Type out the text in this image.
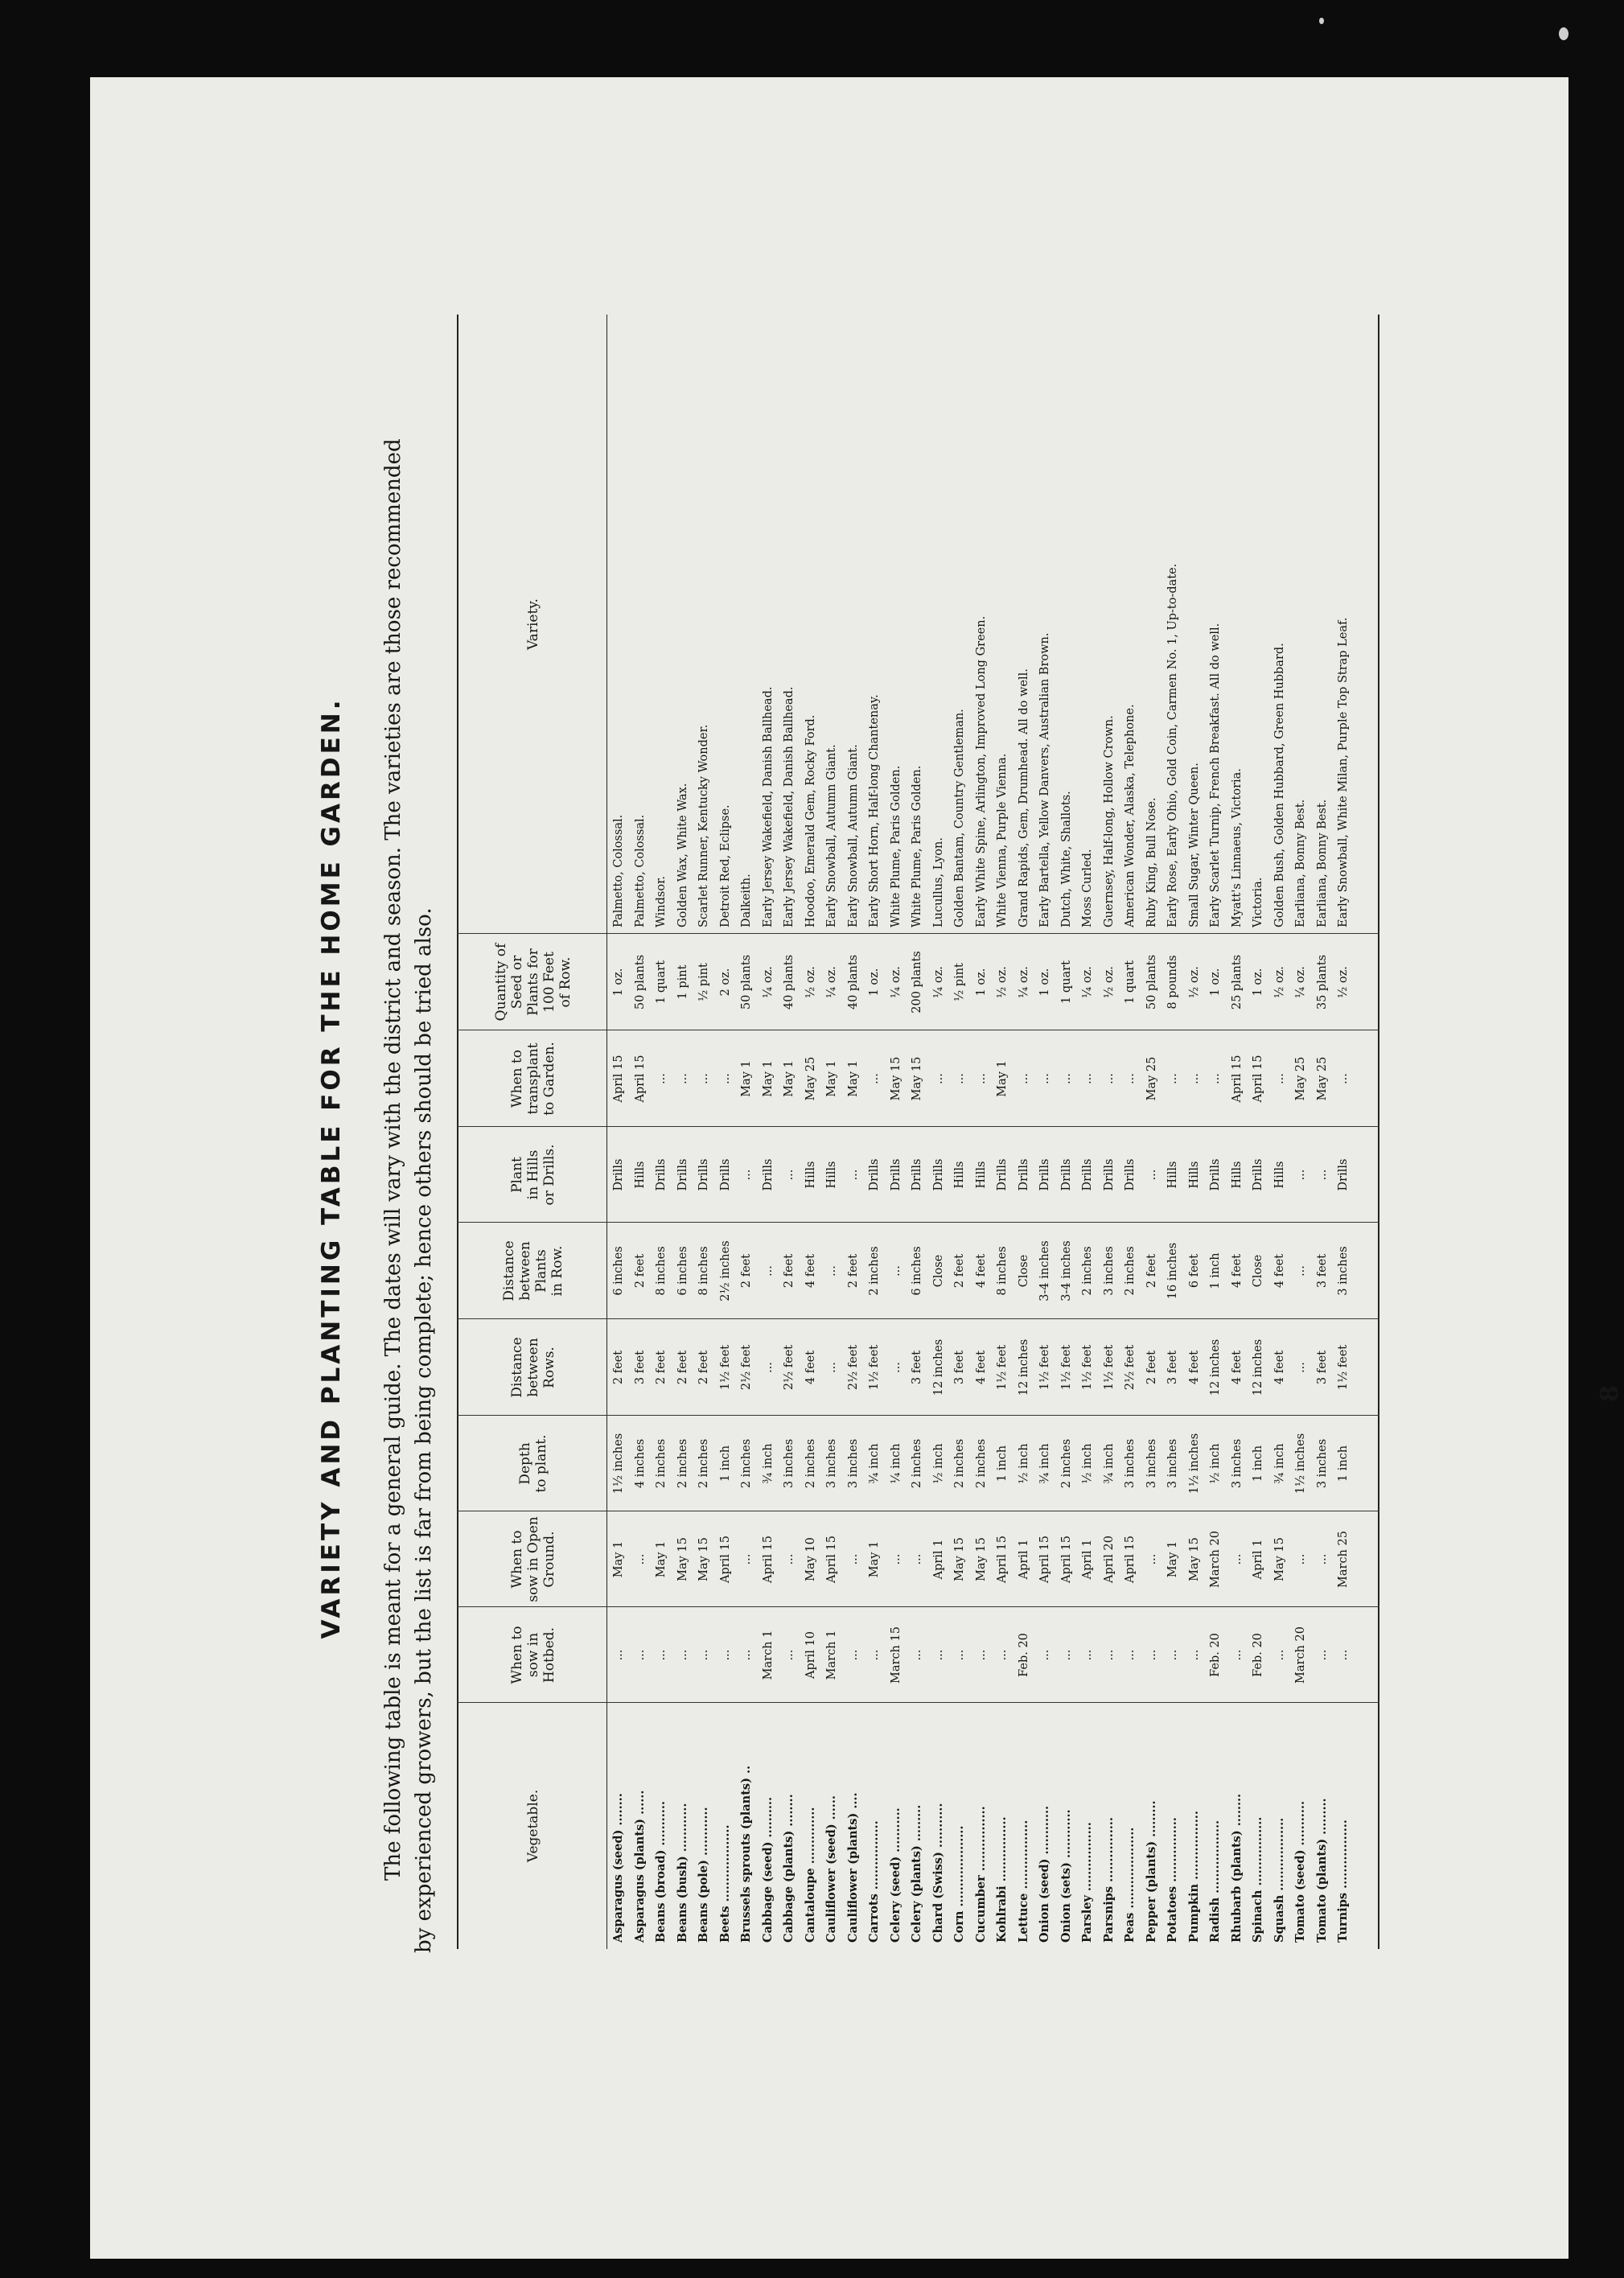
VARIETY AND PLANTING TABLE FOR THE HOME GARDEN. The following table is meant for a general guide. The dates will vary with the district and season. The varieties are those recommended by experienced growers, but the list is far from being complete; hence others should be tried also.	Vegetable.
When to
sow in
Hotbed.
When to
sow in Open
Ground.
Depth
to plant.
Distance
between
Rows.
Distance
between
Plants
in Row.
Plant
in Hills
or Drills.
When to
transplant
to Garden.
Quantity of
Seed or
Plants for
100 Feet
of Row.
Variety.
Asparagus (seed) ........
...
May 1
1½ inches
2 feet
6 inches
Drills
April 15
1 oz.
Palmetto, Colossal.
Asparagus (plants) ......
...
...
4 inches
3 feet
2 feet
Hills
April 15
50 plants
Palmetto, Colossal.
Beans (broad) ...........
...
May 1
2 inches
2 feet
8 inches
Drills
...
1 quart
Windsor.
Beans (bush) ............
...
May 15
2 inches
2 feet
6 inches
Drills
...
1 pint
Golden Wax, White Wax.
Beans (pole) ............
...
May 15
2 inches
2 feet
8 inches
Drills
...
½ pint
Scarlet Runner, Kentucky Wonder.
Beets ...................
...
April 15
1 inch
1½ feet
2½ inches
Drills
...
2 oz.
Detroit Red, Eclipse.
Brussels sprouts (plants) ..
...
...
2 inches
2½ feet
2 feet
...
May 1
50 plants
Dalkeith.
Cabbage (seed) ..........
March 1
April 15
¾ inch
...
...
Drills
May 1
¼ oz.
Early Jersey Wakefield, Danish Ballhead.
Cabbage (plants) ........
...
...
3 inches
2½ feet
2 feet
...
May 1
40 plants
Early Jersey Wakefield, Danish Ballhead.
Cantaloupe ..............
April 10
May 10
2 inches
4 feet
4 feet
Hills
May 25
½ oz.
Hoodoo, Emerald Gem, Rocky Ford.
Cauliflower (seed) ......
March 1
April 15
3 inches
...
...
Hills
May 1
¼ oz.
Early Snowball, Autumn Giant.
Cauliflower (plants) ....
...
...
3 inches
2½ feet
2 feet
...
May 1
40 plants
Early Snowball, Autumn Giant.
Carrots .................
...
May 1
¾ inch
1½ feet
2 inches
Drills
...
1 oz.
Early Short Horn, Half-long Chantenay.
Celery (seed) ...........
March 15
...
¼ inch
...
...
Drills
May 15
¼ oz.
White Plume, Paris Golden.
Celery (plants) .........
...
...
2 inches
3 feet
6 inches
Drills
May 15
200 plants
White Plume, Paris Golden.
Chard (Swiss) ...........
...
April 1
½ inch
12 inches
Close
Drills
...
¼ oz.
Lucullus, Lyon.
Corn ....................
...
May 15
2 inches
3 feet
2 feet
Hills
...
½ pint
Golden Bantam, Country Gentleman.
Cucumber ................
...
May 15
2 inches
4 feet
4 feet
Hills
...
1 oz.
Early White Spine, Arlington, Improved Long Green.
Kohlrabi ................
...
April 15
1 inch
1½ feet
8 inches
Drills
May 1
½ oz.
White Vienna, Purple Vienna.
Lettuce .................
Feb. 20
April 1
½ inch
12 inches
Close
Drills
...
¼ oz.
Grand Rapids, Gem, Drumhead. All do well.
Onion (seed) ............
...
April 15
¾ inch
1½ feet
3-4 inches
Drills
...
1 oz.
Early Bartella, Yellow Danvers, Australian Brown.
Onion (sets) ............
...
April 15
2 inches
1½ feet
3-4 inches
Drills
...
1 quart
Dutch, White, Shallots.
Parsley .................
...
April 1
½ inch
1½ feet
2 inches
Drills
...
¼ oz.
Moss Curled.
Parsnips ................
...
April 20
¾ inch
1½ feet
3 inches
Drills
...
½ oz.
Guernsey, Half-long, Hollow Crown.
Peas ....................
...
April 15
3 inches
2½ feet
2 inches
Drills
...
1 quart
American Wonder, Alaska, Telephone.
Pepper (plants) .........
...
...
3 inches
2 feet
2 feet
...
May 25
50 plants
Ruby King, Bull Nose.
Potatoes ................
...
May 1
3 inches
3 feet
16 inches
Hills
...
8 pounds
Early Rose, Early Ohio, Gold Coin, Carmen No. 1, Up-to-date.
Pumpkin .................
...
May 15
1½ inches
4 feet
6 feet
Hills
...
½ oz.
Small Sugar, Winter Queen.
Radish ..................
Feb. 20
March 20
½ inch
12 inches
1 inch
Drills
...
1 oz.
Early Scarlet Turnip, French Breakfast. All do well.
Rhubarb (plants) ........
...
...
3 inches
4 feet
4 feet
Hills
April 15
25 plants
Myatt's Linnaeus, Victoria.
Spinach .................
Feb. 20
April 1
1 inch
12 inches
Close
Drills
April 15
1 oz.
Victoria.
Squash ..................
...
May 15
¾ inch
4 feet
4 feet
Hills
...
½ oz.
Golden Bush, Golden Hubbard, Green Hubbard.
Tomato (seed) ...........
March 20
...
1½ inches
...
...
...
May 25
¼ oz.
Earliana, Bonny Best.
Tomato (plants) .........
...
...
3 inches
3 feet
3 feet
...
May 25
35 plants
Earliana, Bonny Best.
Turnips .................
...
March 25
1 inch
1½ feet
3 inches
Drills
...
½ oz.
Early Snowball, White Milan, Purple Top Strap Leaf.

8
